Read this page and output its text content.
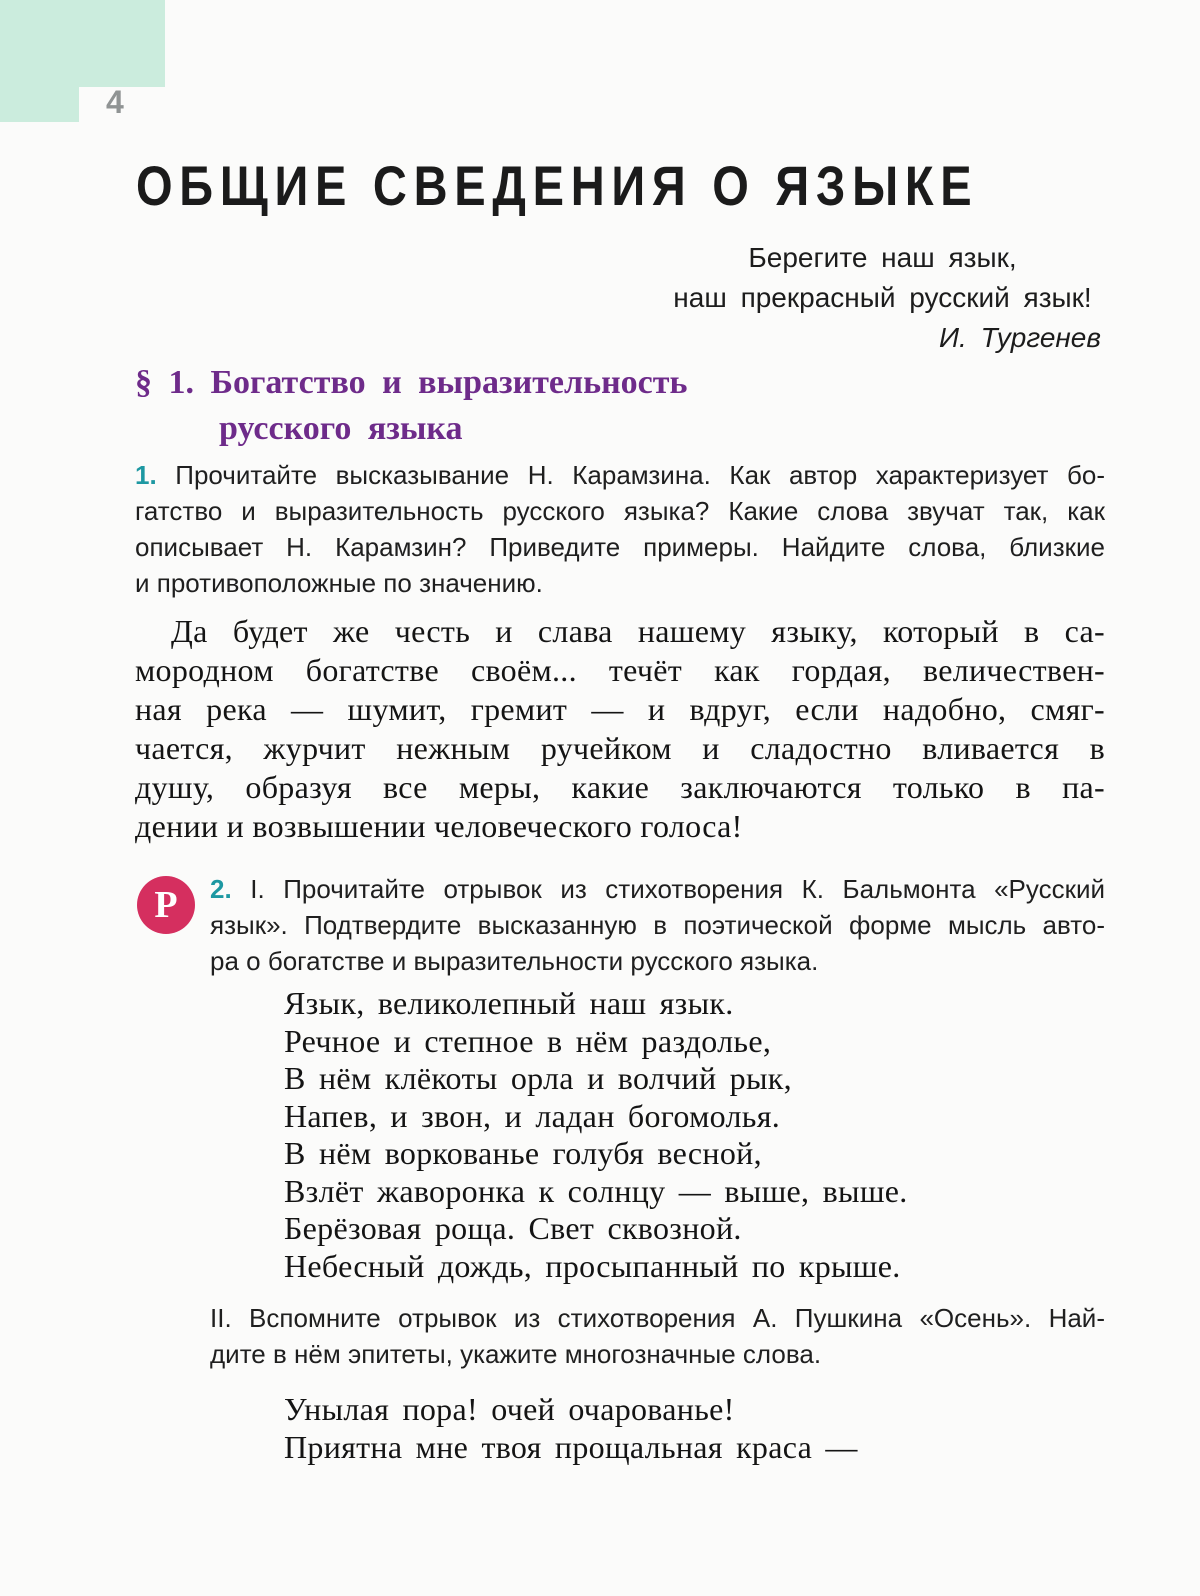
4
ОБЩИЕ СВЕДЕНИЯ О ЯЗЫКЕ
Берегите наш язык,
наш прекрасный русский язык!
И. Тургенев
§ 1. Богатство и выразительность
русского языка
1. Прочитайте высказывание Н. Карамзина. Как автор характеризует бо-
гатство и выразительность русского языка? Какие слова звучат так, как
описывает Н. Карамзин? Приведите примеры. Найдите слова, близкие
и противоположные по значению.
Да будет же честь и слава нашему языку, который в са-
мородном богатстве своём... течёт как гордая, величествен-
ная река — шумит, гремит — и вдруг, если надобно, смяг-
чается, журчит нежным ручейком и сладостно вливается в
душу, образуя все меры, какие заключаются только в па-
дении и возвышении человеческого голоса!
Р	2. I. Прочитайте отрывок из стихотворения К. Бальмонта «Русский
язык». Подтвердите высказанную в поэтической форме мысль авто-
ра о богатстве и выразительности русского языка.
Язык, великолепный наш язык.
Речное и степное в нём раздолье,
В нём клёкоты орла и волчий рык,
Напев, и звон, и ладан богомолья.
В нём воркованье голубя весной,
Взлёт жаворонка к солнцу — выше, выше.
Берёзовая роща. Свет сквозной.
Небесный дождь, просыпанный по крыше.
II. Вспомните отрывок из стихотворения А. Пушкина «Осень». Най-
дите в нём эпитеты, укажите многозначные слова.
Унылая пора! очей очарованье!
Приятна мне твоя прощальная краса —
